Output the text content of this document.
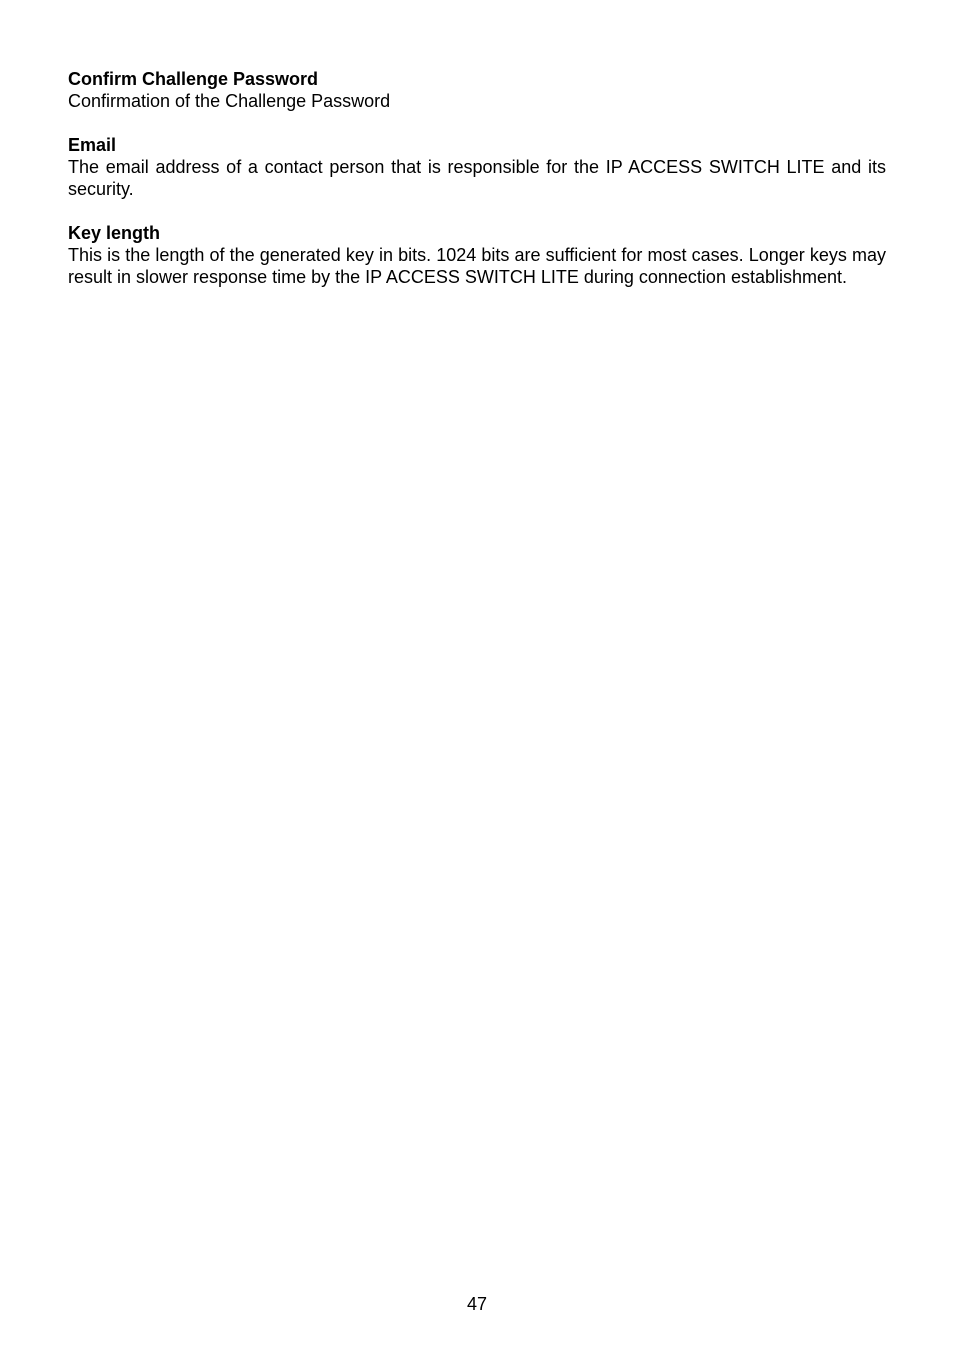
Confirm Challenge Password

Confirmation of the Challenge Password

Email

The email address of a contact person that is responsible for the IP ACCESS SWITCH LITE and its security.

Key length

This is the length of the generated key in bits. 1024 bits are sufficient for most cases. Longer keys may result in slower response time by the IP ACCESS SWITCH LITE during connection establishment.

47
